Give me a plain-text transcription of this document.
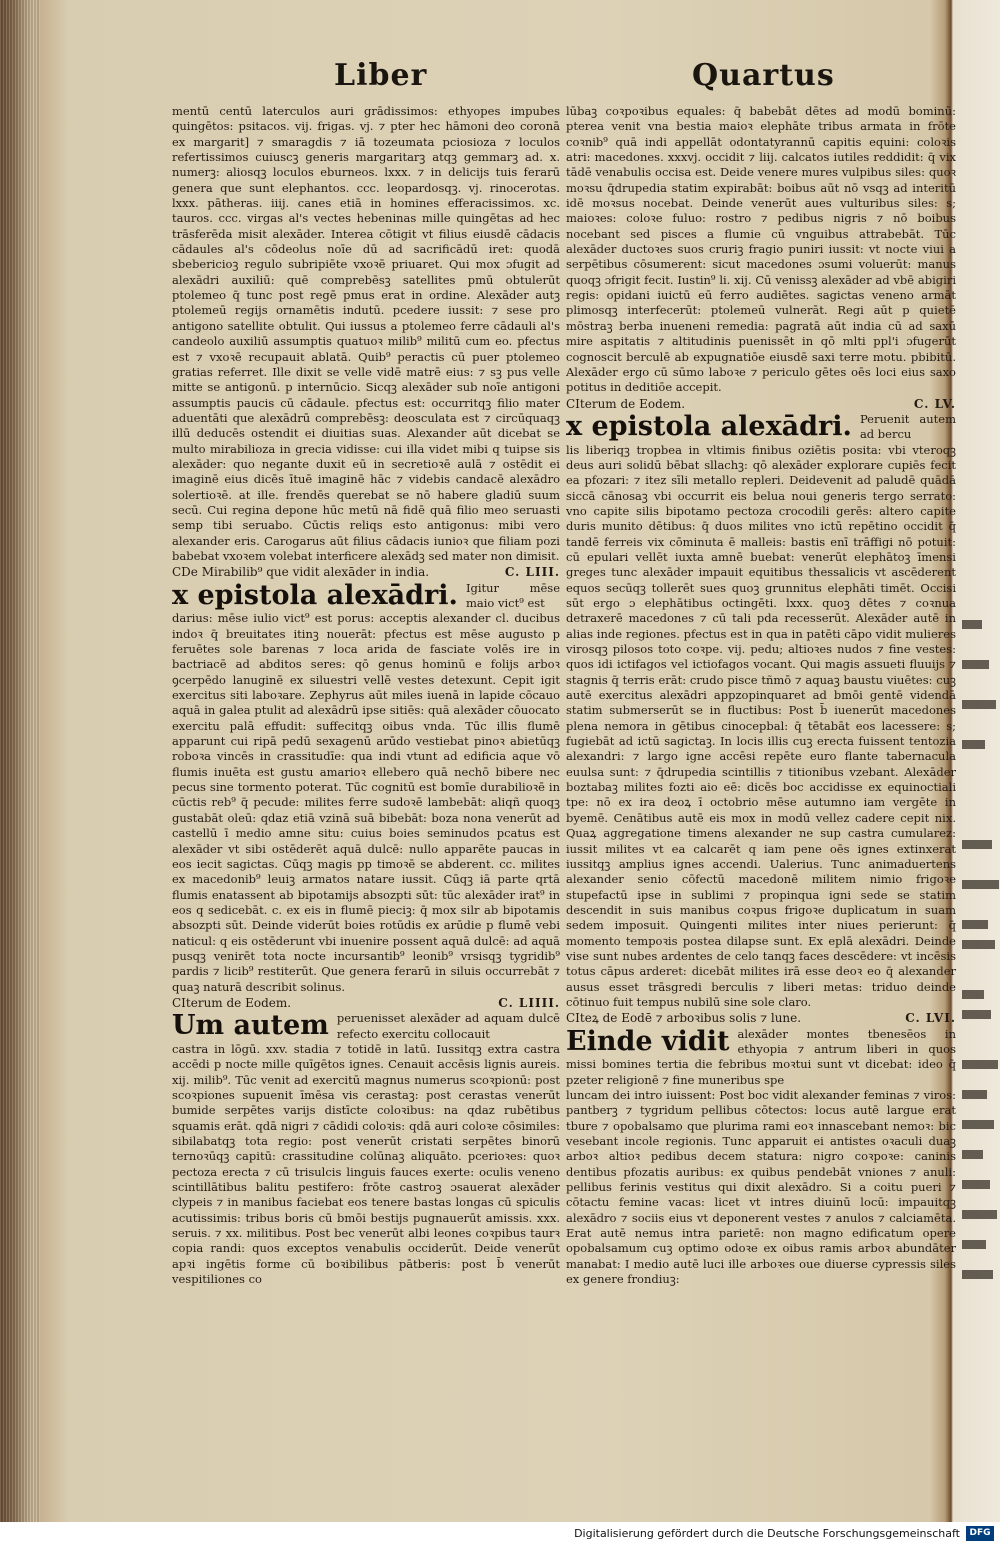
Liber	Quartus

mentū centū laterculos auri grādissimos: ethyopes impubes quingētos: psitacos. vij. frigas. vj. ⁊ pter hec hāmoni deo coronā ex margarit] ⁊ smaragdis ⁊ iā tozeumata pciosioza ⁊ loculos refertissimos cuiuscꝫ generis margaritarꝫ atqꝫ gemmarꝫ ad. x. numerꝫ: aliosqꝫ loculos eburneos. lxxx. ⁊ in delicijs tuis ferarū genera que sunt elephantos. ccc. leopardosqꝫ. vj. rinocerotas. lxxx. pātheras. iiij. canes etiā in homines efferacissimos. xc. tauros. ccc. virgas al's vectes hebeninas mille quingētas ad hec trāsferēda misit alexāder. Interea cōtigit vt filius eiusdē cādacis cādaules al's cōdeolus noīe dū ad sacrificādū iret: quodā sbebericioꝫ regulo subripiēte vxoꝛē priuaret. Qui mox ɔfugit ad alexādri auxiliū: quē comprebēsꝫ satellites pmū obtulerūt ptolemeo q̄ tunc post regē pmus erat in ordine. Alexāder autꝫ ptolemeū regijs ornamētis indutū. pcedere iussit: ⁊ sese pro antigono satellite obtulit. Qui iussus a ptolemeo ferre cādauli al's candeolo auxiliū assumptis quatuoꝛ milib⁹ militū cum eo. pfectus est ⁊ vxoꝛē recupauit ablatā. Quib⁹ peractis cū puer ptolemeo gratias referret. Ille dixit se velle vidē matrē eius: ⁊ sꝫ pus velle mitte se antigonū. p internūcio. Sicqꝫ alexāder sub noīe antigoni assumptis paucis cū cādaule. pfectus est: occurritqꝫ filio mater aduentāti que alexādrū comprebēsꝫ: deosculata est ⁊ circūquaqꝫ illū deducēs ostendit ei diuitias suas. Alexander aūt dicebat se multo mirabilioza in grecia vidisse: cui illa videt mibi q tuipse sis alexāder: quo negante duxit eū in secretioꝛē aulā ⁊ ostēdit ei imaginē eius dicēs ītuē imaginē hāc ⁊ videbis candacē alexādro solertioꝛē. at ille. frendēs querebat se nō habere gladiū suum secū. Cui regina depone hūc metū nā fidē quā filio meo seruasti semp tibi seruabo. Cūctis reliqs esto antigonus: mibi vero alexander eris. Carogarus aūt filius cādacis iunioꝛ que filiam pozi babebat vxoꝛem volebat interficere alexādꝫ sed mater non dimisit.

CDe Mirabilib⁹ que vidit alexāder in india.	C. LIII.
x epistola alexādri. Igitur mēse maio vict⁹ est

darius: mēse iulio vict⁹ est porus: acceptis alexander cl. ducibus indoꝛ q̄ breuitates itinꝫ nouerāt: pfectus est mēse augusto p feruētes sole barenas ⁊ loca arida de fasciate volēs ire in bactriacē ad abditos seres: qō genus hominū e folijs arboꝛ ꝯcerpēdo lanuginē ex siluestri vellē vestes detexunt. Cepit igit exercitus siti laboꝛare. Zephyrus aūt miles iuenā in lapide cōcauo aquā in galea ptulit ad alexādrū ipse sitiēs: quā alexāder cōuocato exercitu palā effudit: suffecitqꝫ oibus vnda. Tūc illis flumē apparunt cui ripā pedū sexagenū arūdo vestiebat pinoꝛ abietūqꝫ roboꝛa vincēs in crassitudīe: qua indi vtunt ad edificia aque vō flumis inuēta est gustu amarioꝛ ellebero quā nechō bibere nec pecus sine tormento poterat. Tūc cognitū est bomīe durabilioꝛē in cūctis reb⁹ q̄ pecude: milites ferre sudoꝛē lambebāt: aliqñ quoqꝫ gustabāt oleū: qdaz etiā vzinā suā bibebāt: boza nona venerūt ad castellū ī medio amne situ: cuius boies seminudos pcatus est alexāder vt sibi ostēderēt aquā dulcē: nullo apparēte paucas in eos iecit sagictas. Cūqꝫ magis pp timoꝛē se abderent. cc. milites ex macedonib⁹ leuiꝫ armatos natare iussit. Cūqꝫ iā parte qrtā flumis enatassent ab bipotamijs absozpti sūt: tūc alexāder irat⁹ in eos q sedicebāt. c. ex eis in flumē pieciꝫ: q̄ mox silr ab bipotamis absozpti sūt. Deinde viderūt boies rotūdis ex arūdie p flumē vebi naticul: q eis ostēderunt vbi inuenire possent aquā dulcē: ad aquā pusqꝫ venirēt tota nocte incursantib⁹ leonib⁹ vrsisqꝫ tygridib⁹ pardis ⁊ licib⁹ restiterūt. Que genera ferarū in siluis occurrebāt ⁊ quaꝫ naturā describit solinus.

CIterum de Eodem.	C. LIIII.
Um autem peruenisset alexāder ad aquam dulcē refecto exercitu collocauit

castra in lōgū. xxv. stadia ⁊ totidē in latū. Iussitqꝫ extra castra accēdi p nocte mille quīgētos ignes. Cenauit accēsis lignis aureis. xij. milib⁹. Tūc venit ad exercitū magnus numerus scoꝛpionū: post scoꝛpiones supuenit īmēsa vis cerastaꝫ: post cerastas venerūt bumide serpētes varijs distīcte coloꝛibus: na qdaz rubētibus squamis erāt. qdā nigri ⁊ cādidi coloꝛis: qdā auri coloꝛe cōsimiles: sibilabatqꝫ tota regio: post venerūt cristati serpētes binorū ternoꝛūqꝫ capitū: crassitudine colūnaꝫ aliquāto. pcerioꝛes: quoꝛ pectoza erecta ⁊ cū trisulcis linguis fauces exerte: oculis veneno scintillātibus balitu pestifero: frōte castroꝫ ɔsauerat alexāder clypeis ⁊ in manibus faciebat eos tenere bastas longas cū spiculis acutissimis: tribus boris cū bmōi bestijs pugnauerūt amissis. xxx. seruis. ⁊ xx. militibus. Post bec venerūt albi leones coꝛpibus taurꝛ copia randi: quos exceptos venabulis occiderūt. Deide venerūt apꝛi ingētis forme cū boꝛibilibus pātberis: post b̄ venerūt vespitiliones co

lūbaꝫ coꝛpoꝛibus equales: q̄ babebāt dētes ad modū bominū: pterea venit vna bestia maioꝛ elephāte tribus armata in frōte coꝛnib⁹ quā indi appellāt odontatyrannū capitis equini: coloꝛis atri: macedones. xxxvj. occidit ⁊ liij. calcatos iutiles reddidit: q̄ vix tādē venabulis occisa est. Deide venere mures vulpibus siles: quoꝛ moꝛsu q̄drupedia statim expirabāt: boibus aūt nō vsqꝫ ad interitū idē moꝛsus nocebat. Deinde venerūt aues vulturibus siles: s; maioꝛes: coloꝛe fuluo: rostro ⁊ pedibus nigris ⁊ nō boibus nocebant sed pisces a flumie cū vnguibus attrabebāt. Tūc alexāder ductoꝛes suos cruriꝫ fragio puniri iussit: vt nocte viui a serpētibus cōsumerent: sicut macedones ɔsumi voluerūt: manus quoqꝫ ɔfrigit fecit. Iustin⁹ li. xij. Cū venissꝫ alexāder ad vbē abigiri regis: opidani iuictū eū ferro audiētes. sagictas veneno armāt plimosqꝫ interfecerūt: ptolemeū vulnerāt. Regi aūt p quietē mōstraꝫ berba inueneni remedia: pagratā aūt india cū ad saxū mire aspitatis ⁊ altitudinis puenissēt in qō mlti ppl'i ɔfugerūt cognoscit berculē ab expugnatiōe eiusdē saxi terre motu. pbibitū. Alexāder ergo cū sūmo laboꝛe ⁊ periculo gētes oēs loci eius saxo potitus in deditiōe accepit.

CIterum de Eodem.	C. LV.
x epistola alexādri. Peruenit autem ad bercu

lis liberiqꝫ tropbea in vltimis finibus oziētis posita: vbi vteroqꝫ deus auri solidū bēbat sllachꝫ: qō alexāder explorare cupiēs fecit ea pfozari: ⁊ itez sīli metallo repleri. Deidevenit ad paludē quādā siccā cānosaꝫ vbi occurrit eis belua noui generis tergo serrato: vno capite silis bipotamo pectoza crocodili gerēs: altero capite duris munito dētibus: q̄ duos milites vno ictū repētino occidit q̄ tandē ferreis vix cōminuta ē malleis: bastis enī trāffigi nō potuit: cū epulari vellēt iuxta amnē buebat: venerūt elephātoꝫ īmensi greges tunc alexāder impauit equitibus thessalicis vt ascēderent equos secūqꝫ tollerēt sues quoꝫ grunnitus elephāti timēt. Occisi sūt ergo ɔ elephātibus octingēti. lxxx. quoꝫ dētes ⁊ coꝛnua detraxerē macedones ⁊ cū tali pda recesserūt. Alexāder autē in alias inde regiones. pfectus est in qua in patēti cāpo vidit mulieres virosqꝫ pilosos toto coꝛpe. vij. pedu; altioꝛes nudos ⁊ fine vestes: quos idi ictifagos vel ictiofagos vocant. Qui magis assueti fluuijs ⁊ stagnis q̄ terris erāt: crudo pisce tñmō ⁊ aquaꝫ baustu viuētes: cuꝫ autē exercitus alexādri appzopinquaret ad bmōi gentē videndā statim submerserūt se in fluctibus: Post b̄ iuenerūt macedones plena nemora in gētibus cinocepbal: q̄ tētabāt eos lacessere: s; fugiebāt ad ictū sagictaꝫ. In locis illis cuꝫ erecta fuissent tentozia alexandri: ⁊ largo igne accēsi repēte euro flante tabernacula euulsa sunt: ⁊ q̄drupedia scintillis ⁊ titionibus vzebant. Alexāder boztabaꝫ milites fozti aio eē: dicēs boc accidisse ex equinoctiali tpe: nō ex ira deoꝝ ī octobrio mēse autumno iam vergēte in byemē. Cenātibus autē eis mox in modū vellez cadere cepit nix. Quaꝝ aggregatione timens alexander ne sup castra cumularez: iussit milites vt ea calcarēt q iam pene oēs ignes extinxerat iussitqꝫ amplius ignes accendi. Ualerius. Tunc animaduertens alexander senio cōfectū macedonē militem nimio frigoꝛe stupefactū ipse in sublimi ⁊ propinqua igni sede se statim descendit in suis manibus coꝛpus frigoꝛe duplicatum in suam sedem imposuit. Quingenti milites inter niues perierunt: q̄ momento tempoꝛis postea dilapse sunt. Ex eplā alexādri. Deinde vise sunt nubes ardentes de celo tanqꝫ faces descēdere: vt incēsis totus cāpus arderet: dicebāt milites irā esse deoꝛ eo q̄ alexander ausus esset trāsgredi berculis ⁊ liberi metas: triduo deinde cōtinuo fuit tempus nubilū sine sole claro.

CIteꝝ de Eodē ⁊ arboꝛibus solis ⁊ lune.	C. LVI.
Einde vidit alexāder montes tbenesēos in ethyopia ⁊ antrum liberi in quos missi bomines tertia die febribus moꝛtui sunt vt dicebat: ideo q̄ pzeter religionē ⁊ fine muneribus spe

luncam dei intro iuissent: Post boc vidit alexander feminas ⁊ viros: pantberꝫ ⁊ tygridum pellibus cōtectos: locus autē largue erat tbure ⁊ opobalsamo que plurima rami eoꝛ innascebant nemoꝛ: bic vesebant incole regionis. Tunc apparuit ei antistes oꝛaculi duaꝫ arboꝛ altioꝛ pedibus decem statura: nigro coꝛpoꝛe: caninis dentibus pfozatis auribus: ex quibus pendebāt vniones ⁊ anuli: pellibus ferinis vestitus qui dixit alexādro. Si a coitu pueri ⁊ cōtactu femine vacas: licet vt intres diuinū locū: impauitqꝫ alexādro ⁊ sociis eius vt deponerent vestes ⁊ anulos ⁊ calciamēta. Erat autē nemus intra parietē: non magno edificatum opere opobalsamum cuꝫ optimo odoꝛe ex oibus ramis arboꝛ abundāter manabat: I medio autē luci ille arboꝛes oue diuerse cypressis siles ex genere frondiuꝫ:

Digitalisierung gefördert durch die Deutsche Forschungsgemeinschaft	DFG
